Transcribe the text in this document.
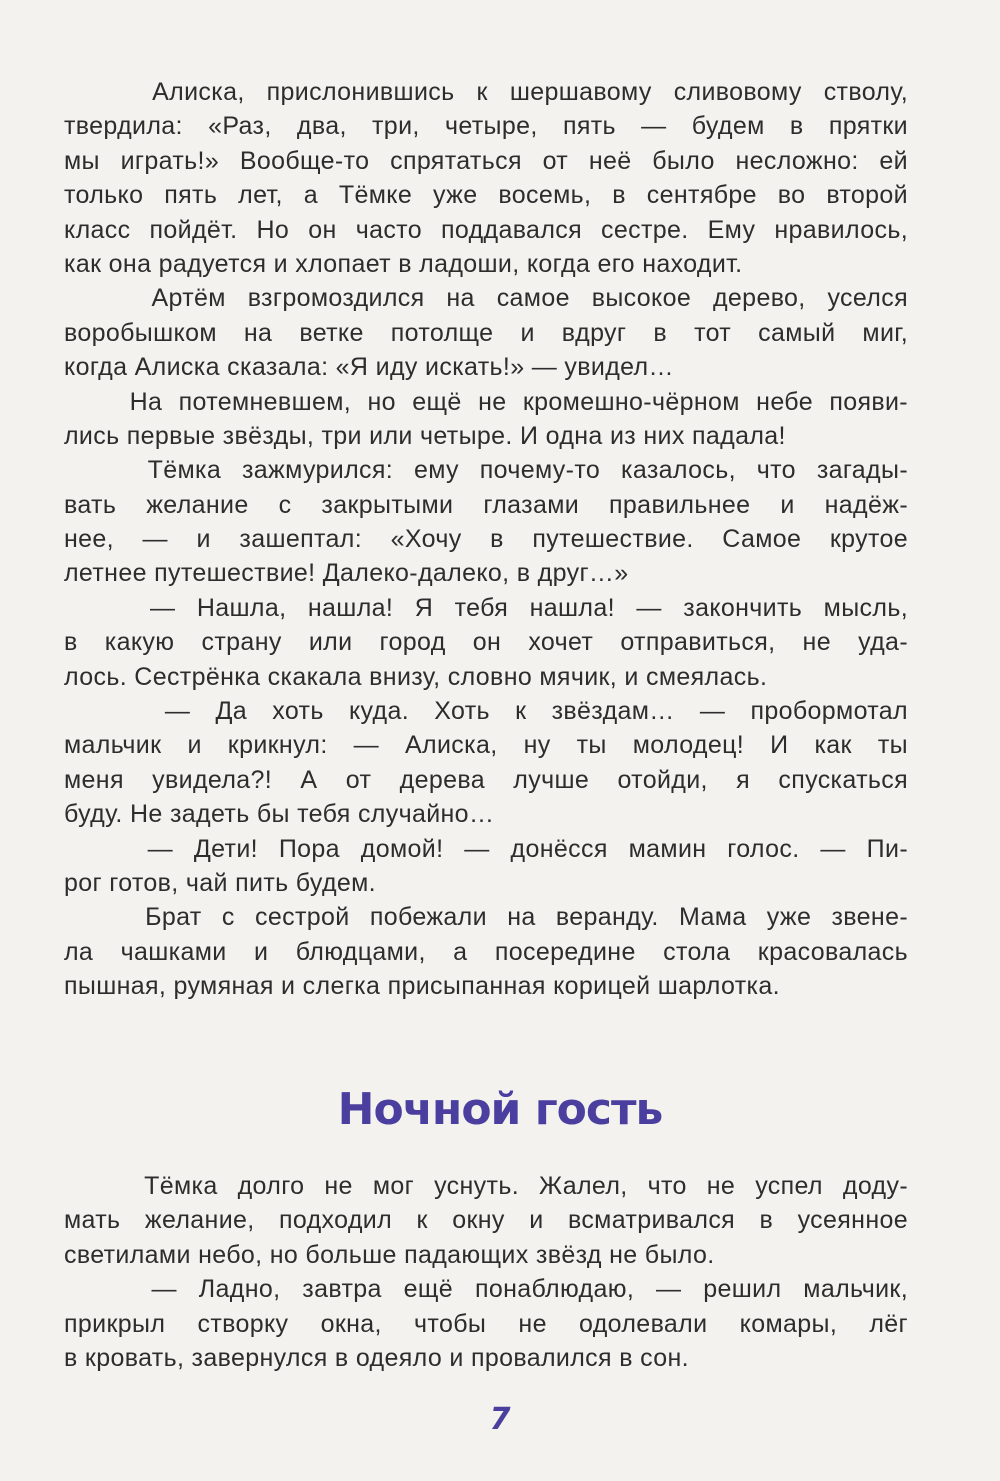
Алиска, прислонившись к шершавому сливовому стволу,
твердила: «Раз, два, три, четыре, пять — будем в прятки
мы играть!» Вообще-то спрятаться от неё было несложно: ей
только пять лет, а Тёмке уже восемь, в сентябре во второй
класс пойдёт. Но он часто поддавался сестре. Ему нравилось,
как она радуется и хлопает в ладоши, когда его находит.
Артём взгромоздился на самое высокое дерево, уселся
воробышком на ветке потолще и вдруг в тот самый миг,
когда Алиска сказала: «Я иду искать!» — увидел…
На потемневшем, но ещё не кромешно-чёрном небе появи-
лись первые звёзды, три или четыре. И одна из них падала!
Тёмка зажмурился: ему почему-то казалось, что загады-
вать желание с закрытыми глазами правильнее и надёж-
нее, — и зашептал: «Хочу в путешествие. Самое крутое
летнее путешествие! Далеко-далеко, в друг…»
— Нашла, нашла! Я тебя нашла! — закончить мысль,
в какую страну или город он хочет отправиться, не уда-
лось. Сестрёнка скакала внизу, словно мячик, и смеялась.
— Да хоть куда. Хоть к звёздам… — пробормотал
мальчик и крикнул: — Алиска, ну ты молодец! И как ты
меня увидела?! А от дерева лучше отойди, я спускаться
буду. Не задеть бы тебя случайно…
— Дети! Пора домой! — донёсся мамин голос. — Пи-
рог готов, чай пить будем.
Брат с сестрой побежали на веранду. Мама уже звене-
ла чашками и блюдцами, а посередине стола красовалась
пышная, румяная и слегка присыпанная корицей шарлотка.
Ночной гость
Тёмка долго не мог уснуть. Жалел, что не успел доду-
мать желание, подходил к окну и всматривался в усеянное
светилами небо, но больше падающих звёзд не было.
— Ладно, завтра ещё понаблюдаю, — решил мальчик,
прикрыл створку окна, чтобы не одолевали комары, лёг
в кровать, завернулся в одеяло и провалился в сон.
7
